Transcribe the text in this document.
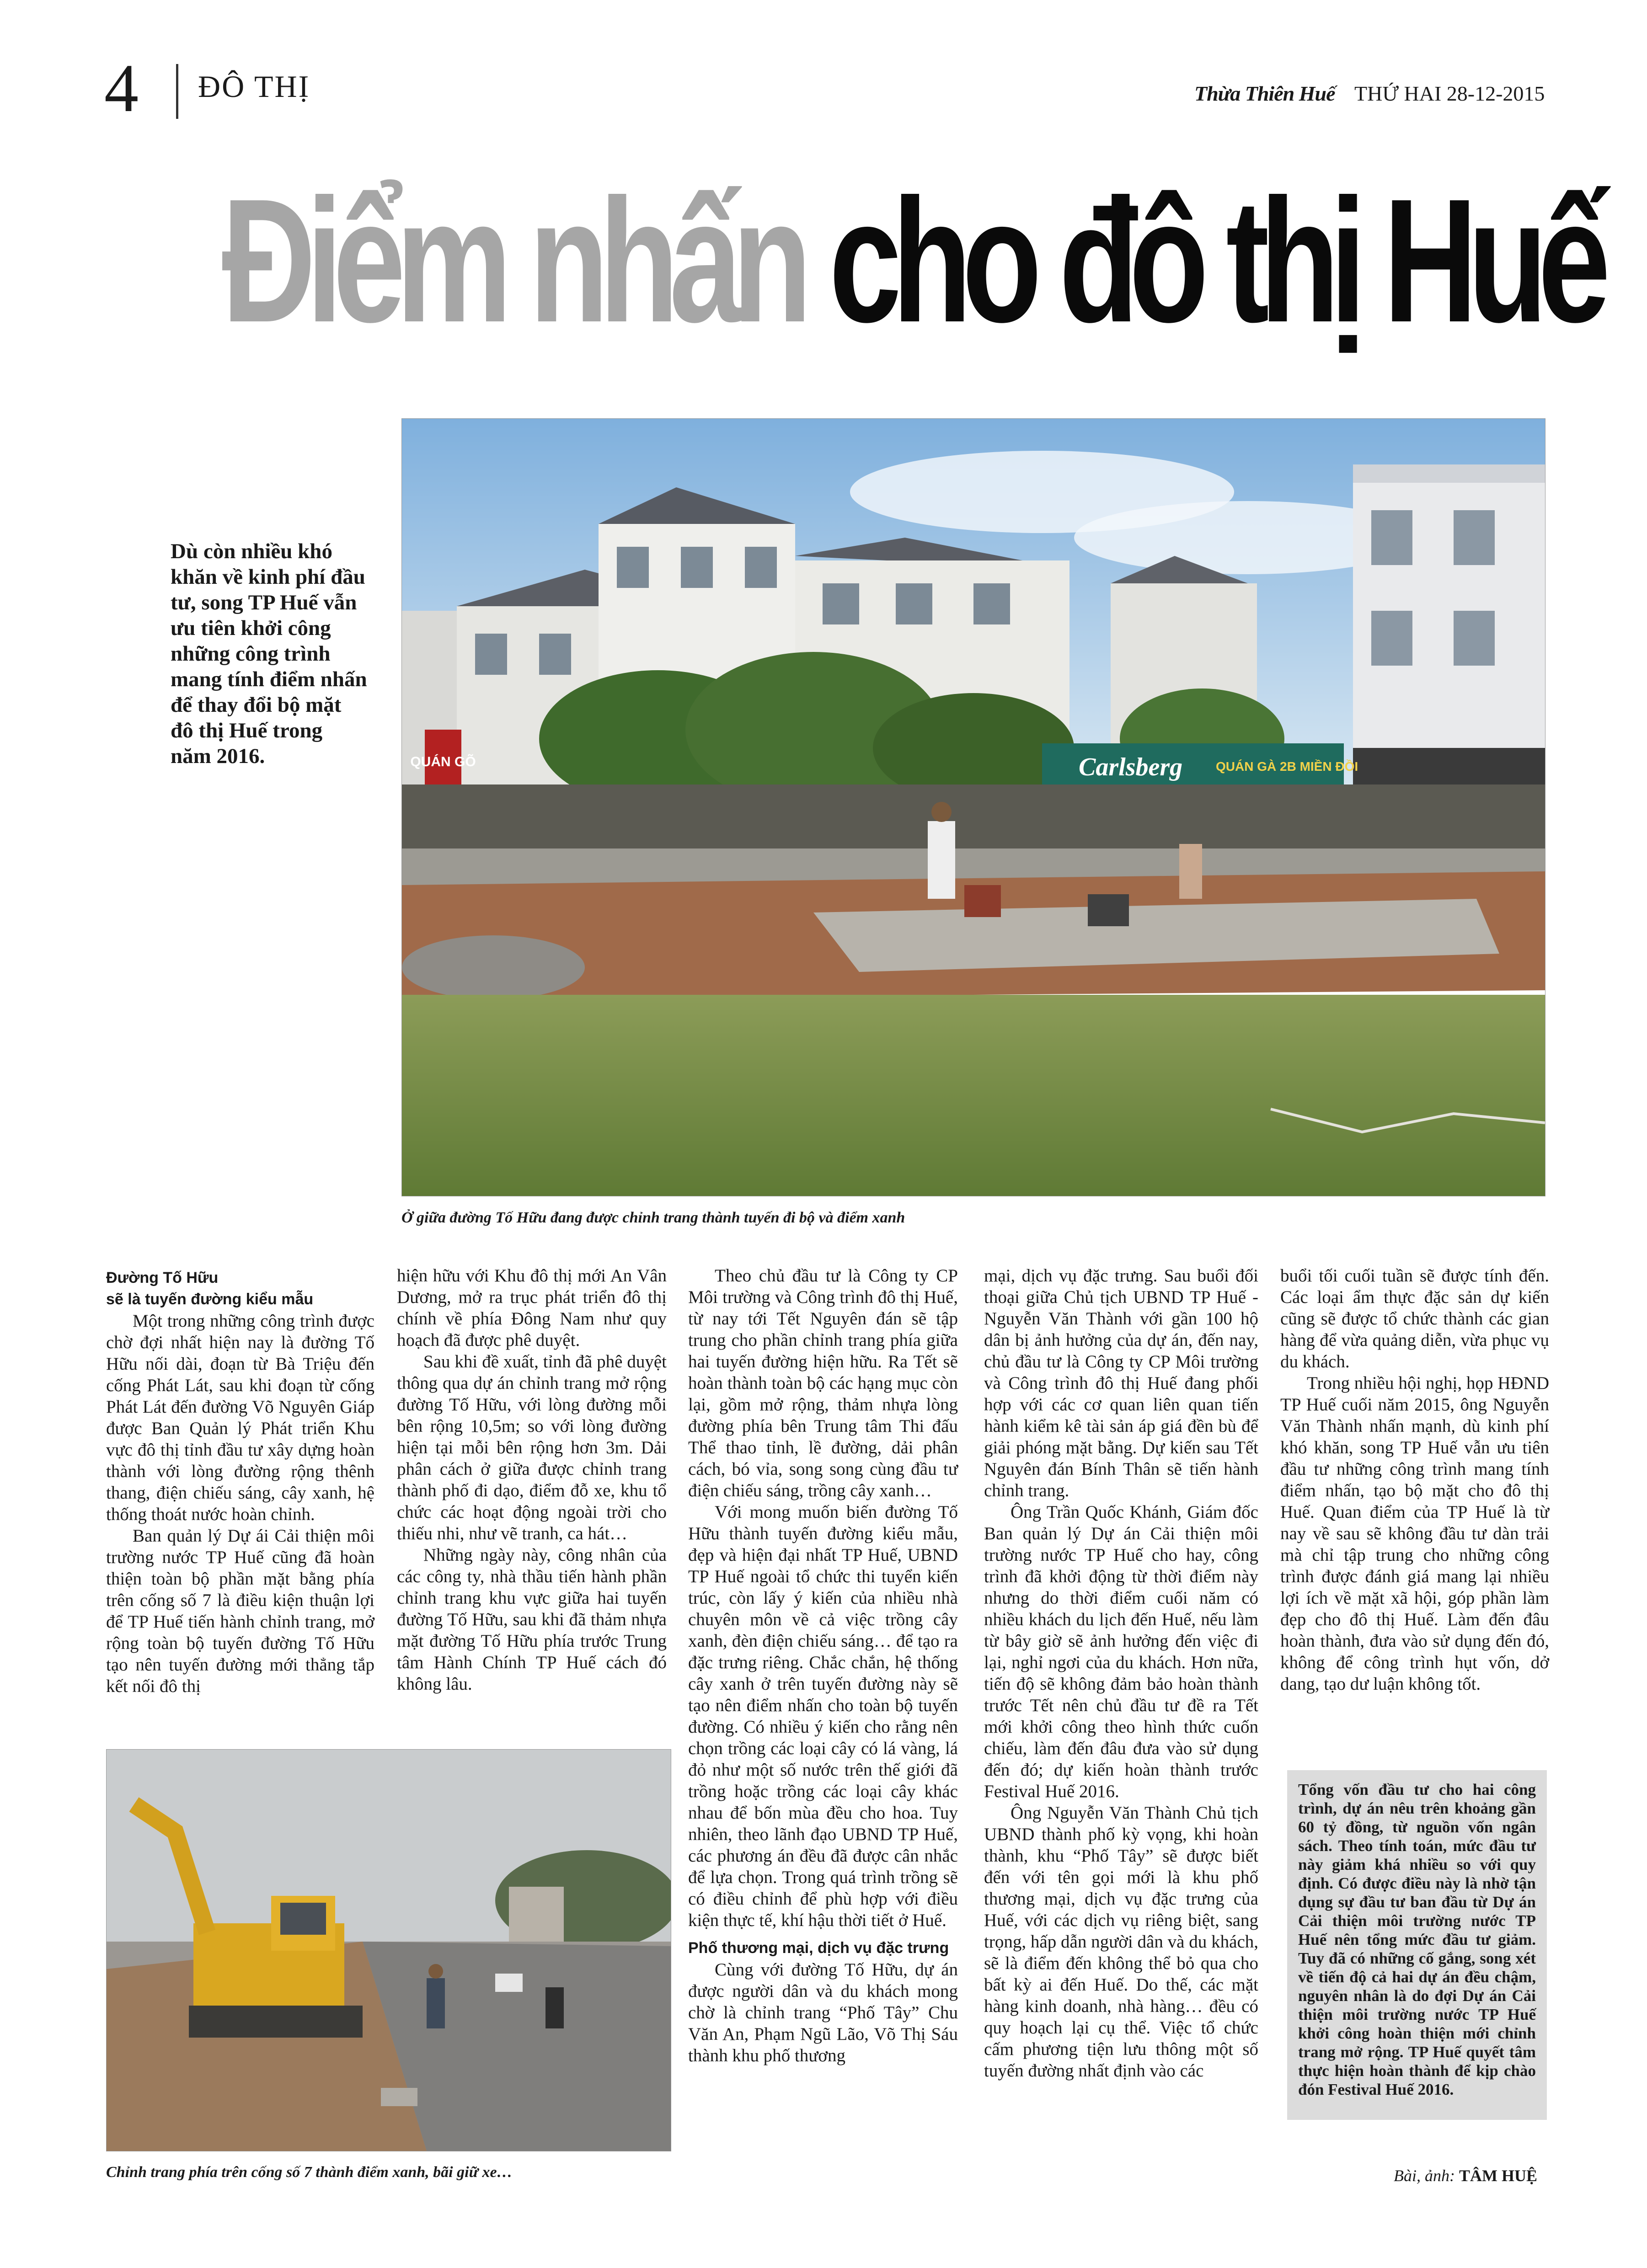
4 ĐÔ THỊ	Thừa Thiên Huế THỨ HAI 28-12-2015
Điểm nhấn cho đô thị Huế
Dù còn nhiều khó khăn về kinh phí đầu tư, song TP Huế vẫn ưu tiên khởi công những công trình mang tính điểm nhấn để thay đổi bộ mặt đô thị Huế trong năm 2016.	QUÁN GÕ	Carlsberg	QUÁN GÀ 2B MIỀN ĐỒI
Ở giữa đường Tố Hữu đang được chỉnh trang thành tuyến đi bộ và điểm xanh
Chỉnh trang phía trên cống số 7 thành điểm xanh, bãi giữ xe…
Đường Tố Hữu
sẽ là tuyến đường kiểu mẫu

Một trong những công trình được chờ đợi nhất hiện nay là đường Tố Hữu nối dài, đoạn từ Bà Triệu đến cống Phát Lát, sau khi đoạn từ cống Phát Lát đến đường Võ Nguyên Giáp được Ban Quản lý Phát triển Khu vực đô thị tỉnh đầu tư xây dựng hoàn thành với lòng đường rộng thênh thang, điện chiếu sáng, cây xanh, hệ thống thoát nước hoàn chỉnh.

Ban quản lý Dự ái Cải thiện môi trường nước TP Huế cũng đã hoàn thiện toàn bộ phần mặt bằng phía trên cống số 7 là điều kiện thuận lợi để TP Huế tiến hành chỉnh trang, mở rộng toàn bộ tuyến đường Tố Hữu tạo nên tuyến đường mới thẳng tắp kết nối đô thị

hiện hữu với Khu đô thị mới An Vân Dương, mở ra trục phát triển đô thị chính về phía Đông Nam như quy hoạch đã được phê duyệt.

Sau khi đề xuất, tỉnh đã phê duyệt thông qua dự án chỉnh trang mở rộng đường Tố Hữu, với lòng đường mỗi bên rộng 10,5m; so với lòng đường hiện tại mỗi bên rộng hơn 3m. Dải phân cách ở giữa được chỉnh trang thành phố đi dạo, điểm đỗ xe, khu tổ chức các hoạt động ngoài trời cho thiếu nhi, như vẽ tranh, ca hát…

Những ngày này, công nhân của các công ty, nhà thầu tiến hành phần chỉnh trang khu vực giữa hai tuyến đường Tố Hữu, sau khi đã thảm nhựa mặt đường Tố Hữu phía trước Trung tâm Hành Chính TP Huế cách đó không lâu.

Theo chủ đầu tư là Công ty CP Môi trường và Công trình đô thị Huế, từ nay tới Tết Nguyên đán sẽ tập trung cho phần chỉnh trang phía giữa hai tuyến đường hiện hữu. Ra Tết sẽ hoàn thành toàn bộ các hạng mục còn lại, gồm mở rộng, thảm nhựa lòng đường phía bên Trung tâm Thi đấu Thể thao tỉnh, lề đường, dải phân cách, bó vỉa, song song cùng đầu tư điện chiếu sáng, trồng cây xanh…

Với mong muốn biến đường Tố Hữu thành tuyến đường kiểu mẫu, đẹp và hiện đại nhất TP Huế, UBND TP Huế ngoài tổ chức thi tuyển kiến trúc, còn lấy ý kiến của nhiều nhà chuyên môn về cả việc trồng cây xanh, đèn điện chiếu sáng… để tạo ra đặc trưng riêng. Chắc chắn, hệ thống cây xanh ở trên tuyến đường này sẽ tạo nên điểm nhấn cho toàn bộ tuyến đường. Có nhiều ý kiến cho rằng nên chọn trồng các loại cây có lá vàng, lá đỏ như một số nước trên thế giới đã trồng hoặc trồng các loại cây khác nhau để bốn mùa đều cho hoa. Tuy nhiên, theo lãnh đạo UBND TP Huế, các phương án đều đã được cân nhắc để lựa chọn. Trong quá trình trồng sẽ có điều chỉnh để phù hợp với điều kiện thực tế, khí hậu thời tiết ở Huế.

Phố thương mại, dịch vụ đặc trưng

Cùng với đường Tố Hữu, dự án được người dân và du khách mong chờ là chỉnh trang “Phố Tây” Chu Văn An, Phạm Ngũ Lão, Võ Thị Sáu thành khu phố thương

mại, dịch vụ đặc trưng. Sau buổi đối thoại giữa Chủ tịch UBND TP Huế - Nguyễn Văn Thành với gần 100 hộ dân bị ảnh hưởng của dự án, đến nay, chủ đầu tư là Công ty CP Môi trường và Công trình đô thị Huế đang phối hợp với các cơ quan liên quan tiến hành kiểm kê tài sản áp giá đền bù để giải phóng mặt bằng. Dự kiến sau Tết Nguyên đán Bính Thân sẽ tiến hành chỉnh trang.

Ông Trần Quốc Khánh, Giám đốc Ban quản lý Dự án Cải thiện môi trường nước TP Huế cho hay, công trình đã khởi động từ thời điểm này nhưng do thời điểm cuối năm có nhiều khách du lịch đến Huế, nếu làm từ bây giờ sẽ ảnh hưởng đến việc đi lại, nghỉ ngơi của du khách. Hơn nữa, tiến độ sẽ không đảm bảo hoàn thành trước Tết nên chủ đầu tư đề ra Tết mới khởi công theo hình thức cuốn chiếu, làm đến đâu đưa vào sử dụng đến đó; dự kiến hoàn thành trước Festival Huế 2016.

Ông Nguyễn Văn Thành Chủ tịch UBND thành phố kỳ vọng, khi hoàn thành, khu “Phố Tây” sẽ được biết đến với tên gọi mới là khu phố thương mại, dịch vụ đặc trưng của Huế, với các dịch vụ riêng biệt, sang trọng, hấp dẫn người dân và du khách, sẽ là điểm đến không thể bỏ qua cho bất kỳ ai đến Huế. Do thế, các mặt hàng kinh doanh, nhà hàng… đều có quy hoạch lại cụ thể. Việc tổ chức cấm phương tiện lưu thông một số tuyến đường nhất định vào các

buổi tối cuối tuần sẽ được tính đến. Các loại ẩm thực đặc sản dự kiến cũng sẽ được tổ chức thành các gian hàng để vừa quảng diễn, vừa phục vụ du khách.

Trong nhiều hội nghị, họp HĐND TP Huế cuối năm 2015, ông Nguyễn Văn Thành nhấn mạnh, dù kinh phí khó khăn, song TP Huế vẫn ưu tiên đầu tư những công trình mang tính điểm nhấn, tạo bộ mặt cho đô thị Huế. Quan điểm của TP Huế là từ nay về sau sẽ không đầu tư dàn trải mà chỉ tập trung cho những công trình được đánh giá mang lại nhiều lợi ích về mặt xã hội, góp phần làm đẹp cho đô thị Huế. Làm đến đâu hoàn thành, đưa vào sử dụng đến đó, không để công trình hụt vốn, dở dang, tạo dư luận không tốt.

Tổng vốn đầu tư cho hai công trình, dự án nêu trên khoảng gần 60 tỷ đồng, từ nguồn vốn ngân sách. Theo tính toán, mức đầu tư này giảm khá nhiều so với quy định. Có được điều này là nhờ tận dụng sự đầu tư ban đầu từ Dự án Cải thiện môi trường nước TP Huế nên tổng mức đầu tư giảm. Tuy đã có những cố gắng, song xét về tiến độ cả hai dự án đều chậm, nguyên nhân là do đợi Dự án Cải thiện môi trường nước TP Huế khởi công hoàn thiện mới chỉnh trang mở rộng. TP Huế quyết tâm thực hiện hoàn thành để kịp chào đón Festival Huế 2016.
Bài, ảnh: TÂM HUỆ
